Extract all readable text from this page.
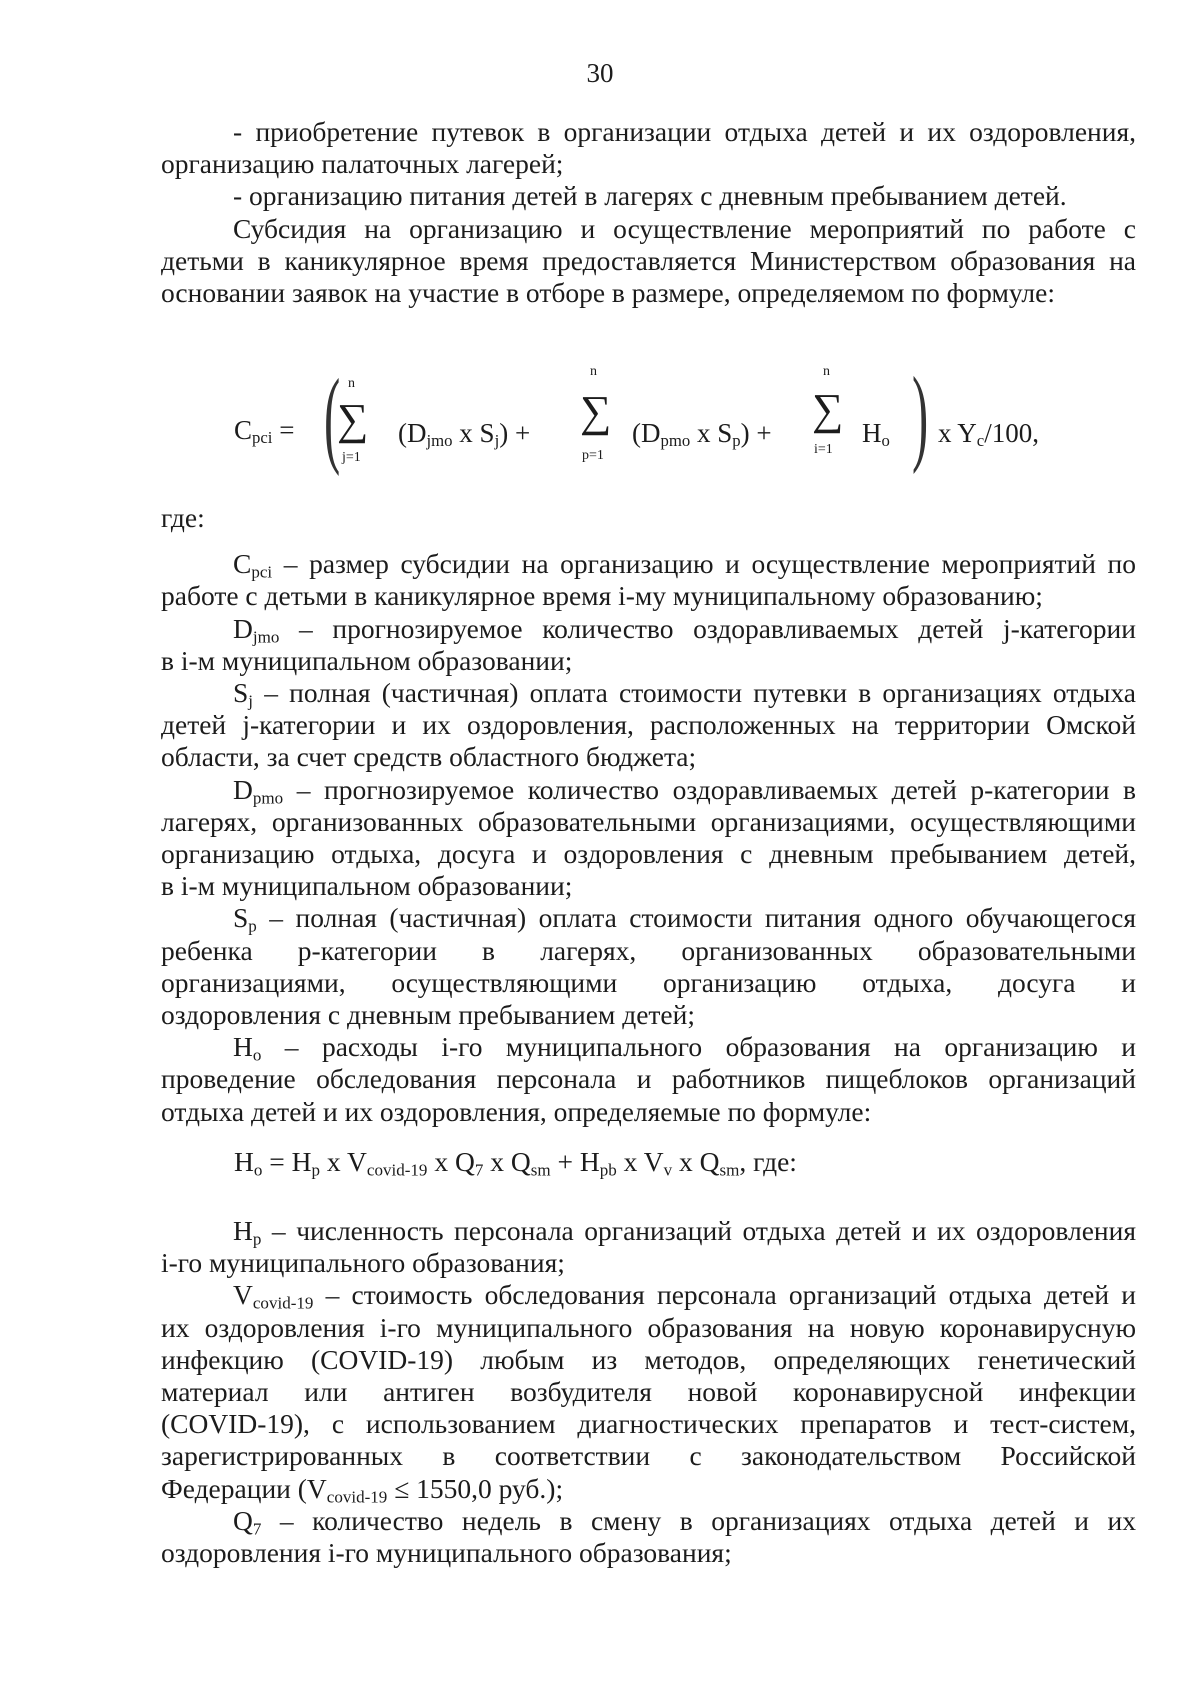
30

- приобретение путевок в организации отдыха детей и их оздоровления,

организацию палаточных лагерей;

- организацию питания детей в лагерях с дневным пребыванием детей.

Субсидия на организацию и осуществление мероприятий по работе с

детьми в каникулярное время предоставляется Министерством образования на

основании заявок на участие в отборе в размере, определяемом по формуле:

$C_{pci}$ = ( n
∑
j=1
($D_{jmo}$ x $S_j$) +
n
∑
p=1
($D_{pmo}$ x $S_p$) +
n
∑
i=1
$H_o$ ) x $Y_c/100$,

где:

$C_{pci}$ – размер субсидии на организацию и осуществление мероприятий по

работе с детьми в каникулярное время i-му муниципальному образованию;

$D_{jmo}$ – прогнозируемое количество оздоравливаемых детей j-категории

в i-м муниципальном образовании;

$S_j$ – полная (частичная) оплата стоимости путевки в организациях отдыха

детей j-категории и их оздоровления, расположенных на территории Омской

области, за счет средств областного бюджета;

$D_{pmo}$ – прогнозируемое количество оздоравливаемых детей p-категории в

лагерях, организованных образовательными организациями, осуществляющими

организацию отдыха, досуга и оздоровления с дневным пребыванием детей,

в i-м муниципальном образовании;

$S_p$ – полная (частичная) оплата стоимости питания одного обучающегося

ребенка p-категории в лагерях, организованных образовательными

организациями, осуществляющими организацию отдыха, досуга и

оздоровления с дневным пребыванием детей;

$H_o$ – расходы i-го муниципального образования на организацию и

проведение обследования персонала и работников пищеблоков организаций

отдыха детей и их оздоровления, определяемые по формуле:

$H_o = H_p$ x $V_{covid-19}$ x $Q_7$ x $Q_{sm} + H_{pb}$ x $V_v$ x $Q_{sm}$, где:

$H_p$ – численность персонала организаций отдыха детей и их оздоровления

i-го муниципального образования;

$V_{covid-19}$ – стоимость обследования персонала организаций отдыха детей и

их оздоровления i-го муниципального образования на новую коронавирусную

инфекцию (COVID-19) любым из методов, определяющих генетический

материал или антиген возбудителя новой коронавирусной инфекции

(COVID-19), с использованием диагностических препаратов и тест-систем,

зарегистрированных в соответствии с законодательством Российской

Федерации ($V_{covid-19} \le 1550,0$ руб.);

$Q_7$ – количество недель в смену в организациях отдыха детей и их

оздоровления i-го муниципального образования;
